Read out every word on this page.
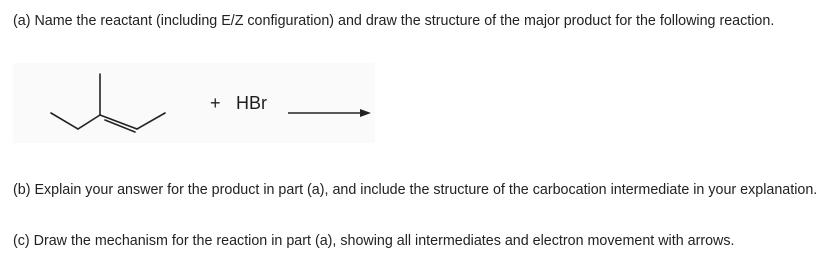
(a) Name the reactant (including E/Z configuration) and draw the structure of the major product for the following reaction.

+ HBr

(b) Explain your answer for the product in part (a), and include the structure of the carbocation intermediate in your explanation.

(c) Draw the mechanism for the reaction in part (a), showing all intermediates and electron movement with arrows.
